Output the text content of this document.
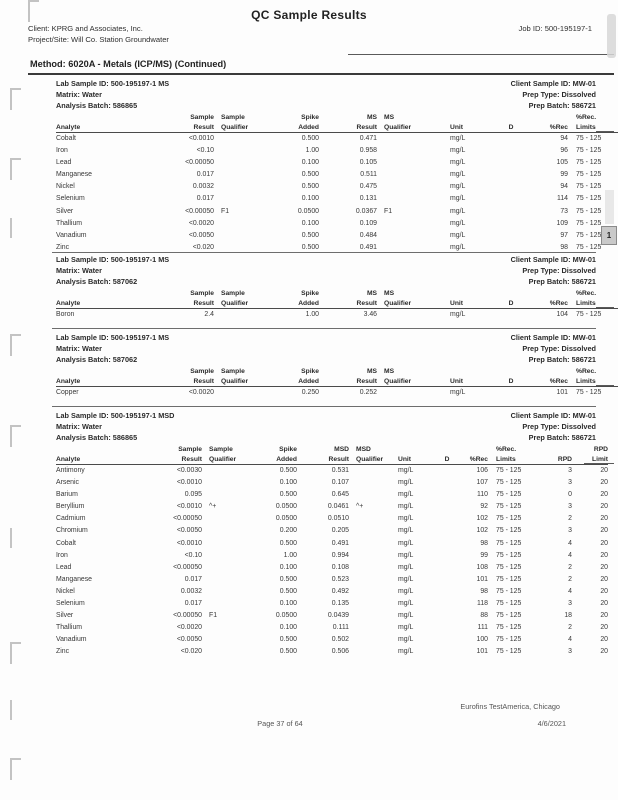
QC Sample Results
Client: KPRG and Associates, Inc.	Job ID: 500-195197-1
Project/Site: Will Co. Station Groundwater
Method: 6020A - Metals (ICP/MS) (Continued)
Lab Sample ID: 500-195197-1 MS
Matrix: Water
Analysis Batch: 586865
Client Sample ID: MW-01
Prep Type: Dissolved
Prep Batch: 586721
	Sample	Sample	Spike	MS	MS				%Rec.
Analyte	Result	Qualifier	Added	Result	Qualifier	Unit	D	%Rec	Limits
Cobalt	<0.0010		0.500	0.471		mg/L		94	75 - 125
Iron	<0.10		1.00	0.958		mg/L		96	75 - 125
Lead	<0.00050		0.100	0.105		mg/L		105	75 - 125
Manganese	0.017		0.500	0.511		mg/L		99	75 - 125
Nickel	0.0032		0.500	0.475		mg/L		94	75 - 125
Selenium	0.017		0.100	0.131		mg/L		114	75 - 125
Silver	<0.00050	F1	0.0500	0.0367	F1	mg/L		73	75 - 125
Thallium	<0.0020		0.100	0.109		mg/L		109	75 - 125
Vanadium	<0.0050		0.500	0.484		mg/L		97	75 - 125
Zinc	<0.020		0.500	0.491		mg/L		98	75 - 125
Lab Sample ID: 500-195197-1 MS
Matrix: Water
Analysis Batch: 587062
Client Sample ID: MW-01
Prep Type: Dissolved
Prep Batch: 586721
	Sample	Sample	Spike	MS	MS				%Rec.
Analyte	Result	Qualifier	Added	Result	Qualifier	Unit	D	%Rec	Limits
Boron	2.4		1.00	3.46		mg/L		104	75 - 125
Lab Sample ID: 500-195197-1 MS
Matrix: Water
Analysis Batch: 587062
Client Sample ID: MW-01
Prep Type: Dissolved
Prep Batch: 586721
	Sample	Sample	Spike	MS	MS				%Rec.
Analyte	Result	Qualifier	Added	Result	Qualifier	Unit	D	%Rec	Limits
Copper	<0.0020		0.250	0.252		mg/L		101	75 - 125
Lab Sample ID: 500-195197-1 MSD
Matrix: Water
Analysis Batch: 586865
Client Sample ID: MW-01
Prep Type: Dissolved
Prep Batch: 586721
	Sample	Sample	Spike	MSD	MSD				%Rec.		RPD
Analyte	Result	Qualifier	Added	Result	Qualifier	Unit	D	%Rec	Limits	RPD	Limit
Antimony	<0.0030		0.500	0.531		mg/L		106	75 - 125	3	20
Arsenic	<0.0010		0.100	0.107		mg/L		107	75 - 125	3	20
Barium	0.095		0.500	0.645		mg/L		110	75 - 125	0	20
Beryllium	<0.0010	^+	0.0500	0.0461	^+	mg/L		92	75 - 125	3	20
Cadmium	<0.00050		0.0500	0.0510		mg/L		102	75 - 125	2	20
Chromium	<0.0050		0.200	0.205		mg/L		102	75 - 125	3	20
Cobalt	<0.0010		0.500	0.491		mg/L		98	75 - 125	4	20
Iron	<0.10		1.00	0.994		mg/L		99	75 - 125	4	20
Lead	<0.00050		0.100	0.108		mg/L		108	75 - 125	2	20
Manganese	0.017		0.500	0.523		mg/L		101	75 - 125	2	20
Nickel	0.0032		0.500	0.492		mg/L		98	75 - 125	4	20
Selenium	0.017		0.100	0.135		mg/L		118	75 - 125	3	20
Silver	<0.00050	F1	0.0500	0.0439		mg/L		88	75 - 125	18	20
Thallium	<0.0020		0.100	0.111		mg/L		111	75 - 125	2	20
Vanadium	<0.0050		0.500	0.502		mg/L		100	75 - 125	4	20
Zinc	<0.020		0.500	0.506		mg/L		101	75 - 125	3	20
Eurofins TestAmerica, Chicago
Page 37 of 64	4/6/2021
1
